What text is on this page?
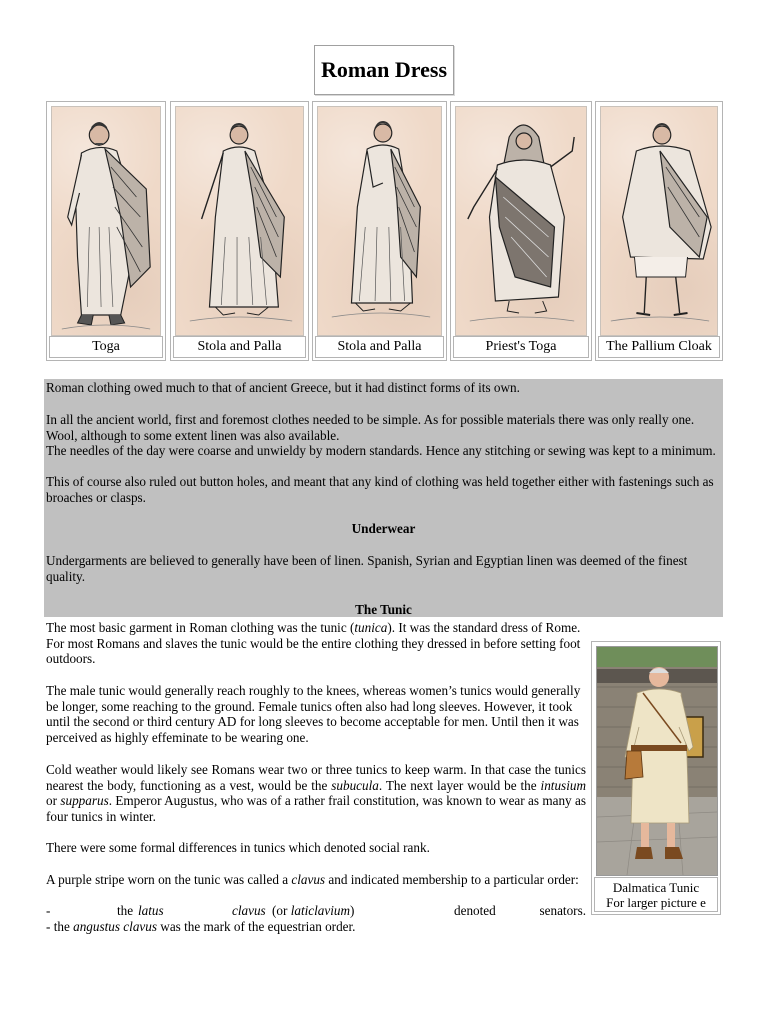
Roman Dress
Toga	Stola and Palla	Stola and Palla	Priest's Toga	The Pallium Cloak
Roman clothing owed much to that of ancient Greece, but it had distinct forms of its own.
In all the ancient world, first and foremost clothes needed to be simple. As for possible materials there was only really one. Wool, although to some extent linen was also available.
The needles of the day were coarse and unwieldy by modern standards. Hence any stitching or sewing was kept to a minimum.
This of course also ruled out button holes, and meant that any kind of clothing was held together either with fastenings such as broaches or clasps.
Underwear
Undergarments are believed to generally have been of linen. Spanish, Syrian and Egyptian linen was deemed of the finest quality.
The Tunic
The most basic garment in Roman clothing was the tunic (tunica). It was the standard dress of Rome. For most Romans and slaves the tunic would be the entire clothing they dressed in before setting foot outdoors.
The male tunic would generally reach roughly to the knees, whereas women’s tunics would generally be longer, some reaching to the ground. Female tunics often also had long sleeves. However, it took until the second or third century AD for long sleeves to become acceptable for men. Until then it was perceived as highly effeminate to be wearing one.
Cold weather would likely see Romans wear two or three tunics to keep warm. In that case the tunics nearest the body, functioning as a vest, would be the subucula. The next layer would be the intusium or supparus. Emperor Augustus, who was of a rather frail constitution, was known to wear as many as four tunics in winter.
There were some formal differences in tunics which denoted social rank.
A purple stripe worn on the tunic was called a clavus and indicated membership to a particular order:
-	the latus	clavus (or laticlavium)	denoted	senators.
- the angustus clavus was the mark of the equestrian order.
Dalmatica Tunic
For larger picture e
